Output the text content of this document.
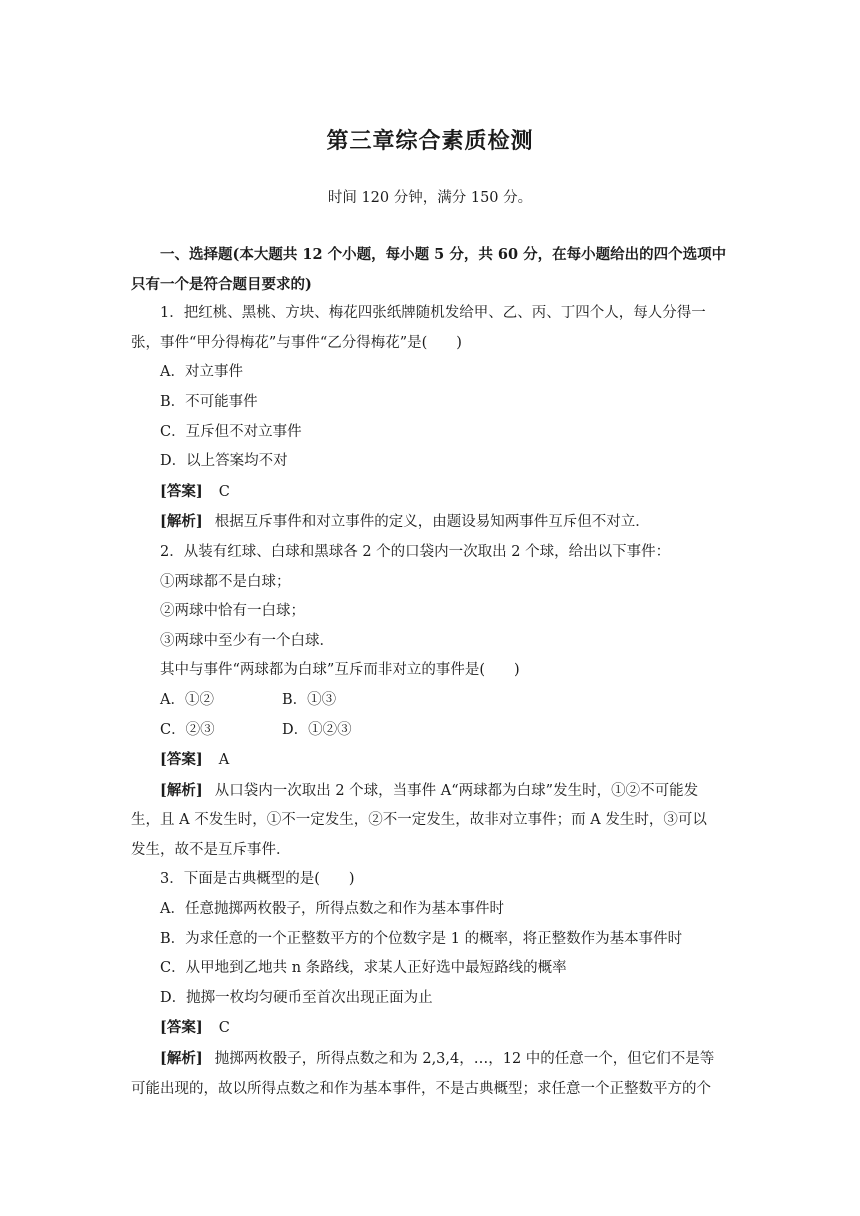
第三章综合素质检测
时间 120 分钟，满分 150 分。

一、选择题(本大题共 12 个小题，每小题 5 分，共 60 分，在每小题给出的四个选项中

只有一个是符合题目要求的)

1．把红桃、黑桃、方块、梅花四张纸牌随机发给甲、乙、丙、丁四个人，每人分得一

张，事件“甲分得梅花”与事件“乙分得梅花”是(　　)

A．对立事件

B．不可能事件

C．互斥但不对立事件

D．以上答案均不对

[答案] C

[解析] 根据互斥事件和对立事件的定义，由题设易知两事件互斥但不对立．

2．从装有红球、白球和黑球各 2 个的口袋内一次取出 2 个球，给出以下事件：

①两球都不是白球；

②两球中恰有一白球；

③两球中至少有一个白球．

其中与事件“两球都为白球”互斥而非对立的事件是(　　)

A．①②	B．①③

C．②③	D．①②③

[答案] A

[解析] 从口袋内一次取出 2 个球，当事件 A“两球都为白球”发生时，①②不可能发

生，且 A 不发生时，①不一定发生，②不一定发生，故非对立事件；而 A 发生时，③可以

发生，故不是互斥事件．

3．下面是古典概型的是(　　)

A．任意抛掷两枚骰子，所得点数之和作为基本事件时

B．为求任意的一个正整数平方的个位数字是 1 的概率，将正整数作为基本事件时

C．从甲地到乙地共 n 条路线，求某人正好选中最短路线的概率

D．抛掷一枚均匀硬币至首次出现正面为止

[答案] C

[解析] 抛掷两枚骰子，所得点数之和为 2,3,4，…，12 中的任意一个，但它们不是等

可能出现的，故以所得点数之和作为基本事件，不是古典概型；求任意一个正整数平方的个
